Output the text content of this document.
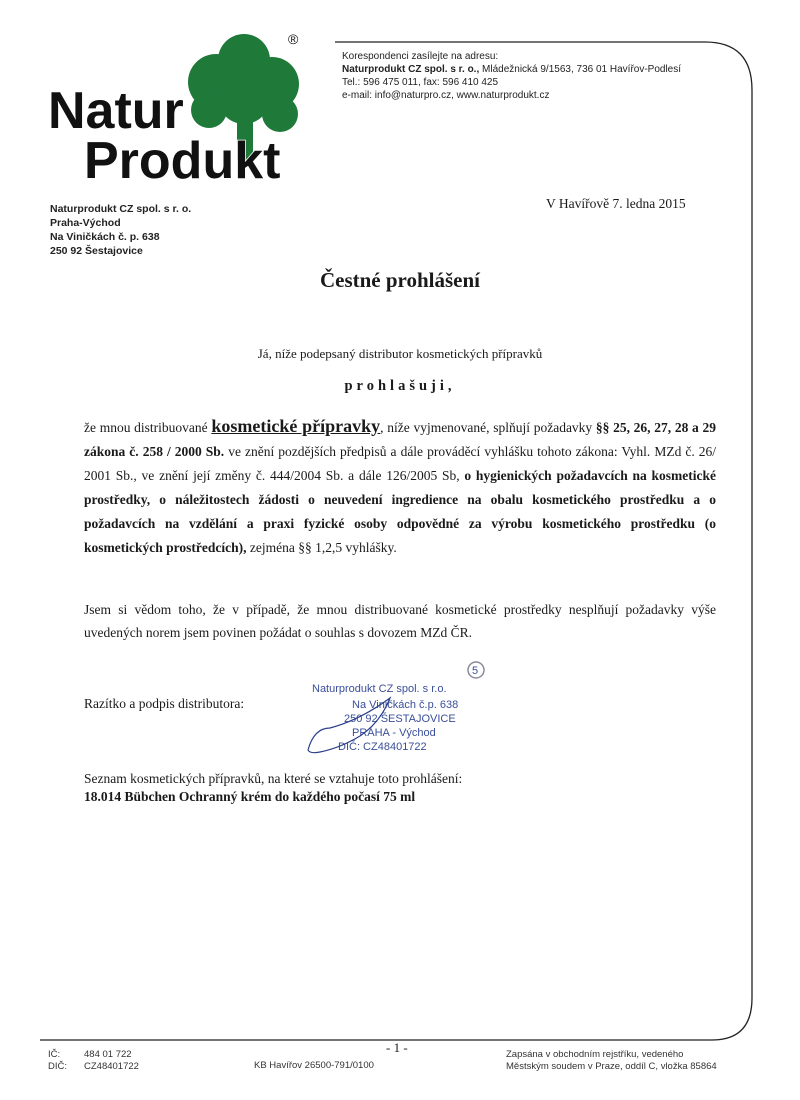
®
Natur
Produkt
Korespondenci zasílejte na adresu:
Naturprodukt CZ spol. s r. o., Mládežnická 9/1563, 736 01 Havířov-Podlesí
Tel.: 596 475 011, fax: 596 410 425
e-mail: info@naturpro.cz, www.naturprodukt.cz
Naturprodukt CZ spol. s r. o.
Praha-Východ
Na Viničkách č. p. 638
250 92 Šestajovice
V Havířově 7. ledna 2015
Čestné prohlášení
Já, níže podepsaný distributor kosmetických přípravků
prohlašuji,
že mnou distribuované kosmetické přípravky, níže vyjmenované, splňují požadavky §§ 25, 26, 27, 28 a 29 zákona č. 258 / 2000 Sb. ve znění pozdějších předpisů a dále prováděcí vyhlášku tohoto zákona: Vyhl. MZd č. 26/ 2001 Sb., ve znění její změny č. 444/2004 Sb. a dále 126/2005 Sb, o hygienických požadavcích na kosmetické prostředky, o náležitostech žádosti o neuvedení ingredience na obalu kosmetického prostředku a o požadavcích na vzdělání a praxi fyzické osoby odpovědné za výrobu kosmetického prostředku (o kosmetických prostředcích), zejména §§ 1,2,5 vyhlášky.
Jsem si vědom toho, že v případě, že mnou distribuované kosmetické prostředky nesplňují požadavky výše uvedených norem jsem povinen požádat o souhlas s dovozem MZd ČR.
Razítko a podpis distributora:
5
Naturprodukt CZ spol. s r.o.
Na Viničkách č.p. 638
250 92 ŠESTAJOVICE
PRAHA - Východ
DIČ: CZ48401722
Seznam kosmetických přípravků, na které se vztahuje toto prohlášení:
18.014 Bübchen Ochranný krém do každého počasí 75 ml
- 1 -
IČ:	484 01 722
DIČ: CZ48401722	KB Havířov 26500-791/0100
Zapsána v obchodním rejstříku, vedeného
Městským soudem v Praze, oddíl C, vložka 85864
